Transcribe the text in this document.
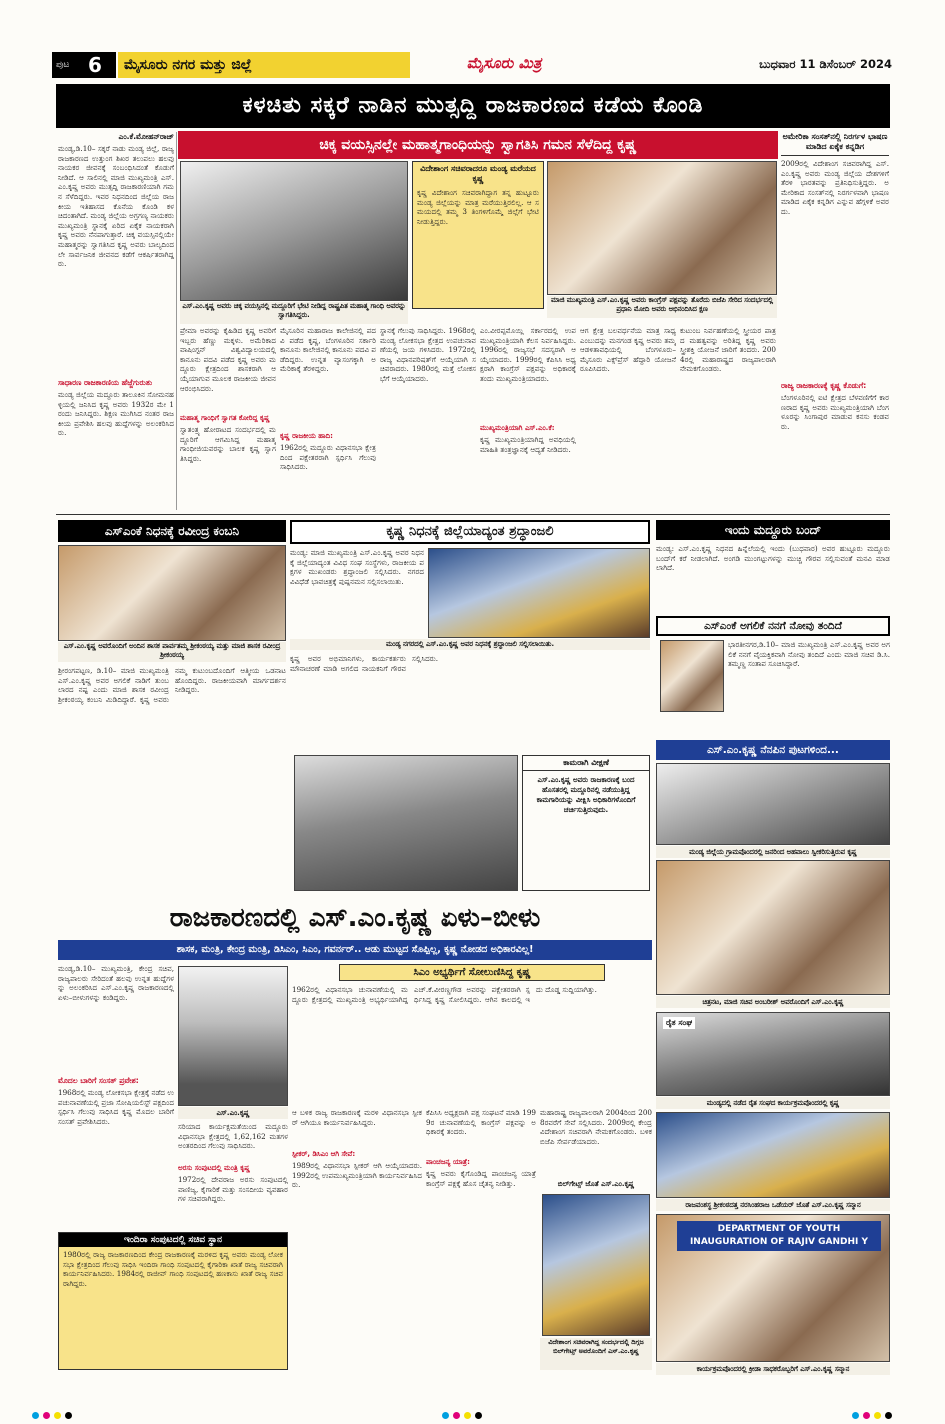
ಪುಟ 6	ಮೈಸೂರು ನಗರ ಮತ್ತು ಜಿಲ್ಲೆ	ಮೈಸೂರು ಮಿತ್ರ	ಬುಧವಾರ 11 ಡಿಸೆಂಬರ್ 2024
ಕಳಚಿತು ಸಕ್ಕರೆ ನಾಡಿನ ಮುತ್ಸದ್ದಿ ರಾಜಕಾರಣದ ಕಡೆಯ ಕೊಂಡಿ
ಎಂ.ಕೆ.ಮೋಹನ್‌ರಾಜ್
ಮಂಡ್ಯ,ಡಿ.10– ಸಕ್ಕರೆ ನಾಡು ಮಂಡ್ಯ ಜಿಲ್ಲೆ, ರಾಜ್ಯ ರಾಜಕಾರಣದ ಉತ್ತುಂಗ ಶಿಖರ ತಲುಪಲು ಹಲವು ನಾಯಕರ ಜೀವನಕ್ಕೆ ಸಂಬಂಧಿಸಿದಂತೆ ಕೊಡುಗೆ ನೀಡಿದೆ. ಆ ಸಾಲಿನಲ್ಲಿ ಮಾಜಿ ಮುಖ್ಯಮಂತ್ರಿ ಎಸ್.ಎಂ.ಕೃಷ್ಣ ಅವರು ಮುತ್ಸದ್ದಿ ರಾಜಕಾರಣಿಯಾಗಿ ಗಮನ ಸೆಳೆದಿದ್ದರು. ಇವರ ನಿಧನದಿಂದ ಜಿಲ್ಲೆಯ ರಾಜಕೀಯ ಇತಿಹಾಸದ ಕೊನೆಯ ಕೊಂಡಿ ಕಳಚಿದಂತಾಗಿದೆ. ಮಂಡ್ಯ ಜಿಲ್ಲೆಯ ಅಗ್ರಗಣ್ಯ ನಾಯಕರು ಮುಖ್ಯಮಂತ್ರಿ ಸ್ಥಾನಕ್ಕೆ ಏರಿದ ಏಕೈಕ ನಾಯಕರಾಗಿ ಕೃಷ್ಣ ಅವರು ನೆನಪಾಗುತ್ತಾರೆ. ಚಿಕ್ಕ ವಯಸ್ಸಿನಲ್ಲಿಯೇ ಮಹಾತ್ಮರನ್ನು ಸ್ವಾಗತಿಸಿದ ಕೃಷ್ಣ ಅವರು ಬಾಲ್ಯದಿಂದಲೇ ಸಾರ್ವಜನಿಕ ಜೀವನದ ಕಡೆಗೆ ಆಕರ್ಷಿತರಾಗಿದ್ದರು.
ಸಾಧಾರಣ ರಾಜಕಾರಣಿಯ ಹೆಜ್ಜೆಗುರುತು
ಮಂಡ್ಯ ಜಿಲ್ಲೆಯ ಮದ್ದೂರು ತಾಲೂಕಿನ ಸೋಮನಹಳ್ಳಿಯಲ್ಲಿ ಜನಿಸಿದ ಕೃಷ್ಣ ಅವರು 1932ರ ಮೇ 1ರಂದು ಜನಿಸಿದ್ದರು. ಶಿಕ್ಷಣ ಮುಗಿಸಿದ ನಂತರ ರಾಜಕೀಯ ಪ್ರವೇಶಿಸಿ ಹಲವು ಹುದ್ದೆಗಳನ್ನು ಅಲಂಕರಿಸಿದರು.
ಚಿಕ್ಕ ವಯಸ್ಸಿನಲ್ಲೇ ಮಹಾತ್ಮಗಾಂಧಿಯನ್ನು ಸ್ವಾಗತಿಸಿ ಗಮನ ಸೆಳೆದಿದ್ದ ಕೃಷ್ಣ
ಎಸ್.ಎಂ.ಕೃಷ್ಣ ಅವರು ಚಿಕ್ಕ ವಯಸ್ಸಿನಲ್ಲಿ ಮದ್ದೂರಿಗೆ ಭೇಟಿ ನೀಡಿದ್ದ ರಾಷ್ಟ್ರಪಿತ ಮಹಾತ್ಮ ಗಾಂಧಿ ಅವರನ್ನು ಸ್ವಾಗತಿಸಿದ್ದರು.
ವಿದೇಶಾಂಗ ಸಚಿವರಾದರೂ ಮಂಡ್ಯ ಮರೆಯದ ಕೃಷ್ಣ
ಕೃಷ್ಣ ವಿದೇಶಾಂಗ ಸಚಿವರಾಗಿದ್ದಾಗ ತನ್ನ ಹುಟ್ಟೂರು ಮಂಡ್ಯ ಜಿಲ್ಲೆಯನ್ನು ಮಾತ್ರ ಮರೆಯುತ್ತಿರಲಿಲ್ಲ. ಆ ಸಮಯದಲ್ಲಿ ತಮ್ಮ 3 ತಿಂಗಳಿಗೊಮ್ಮೆ ಜಿಲ್ಲೆಗೆ ಭೇಟಿ ನೀಡುತ್ತಿದ್ದರು.
ಮಾಜಿ ಮುಖ್ಯಮಂತ್ರಿ ಎಸ್.ಎಂ.ಕೃಷ್ಣ ಅವರು ಕಾಂಗ್ರೆಸ್ ಪಕ್ಷವನ್ನು ತೊರೆದು ಬಿಜೆಪಿ ಸೇರಿದ ಸಂದರ್ಭದಲ್ಲಿ ಪ್ರಧಾನಿ ಮೋದಿ ಅವರು ಅಭಿನಂದಿಸಿದ ಕ್ಷಣ
ಅಮೇರಿಕಾ ಸಂಸತ್‌ನಲ್ಲಿ ನಿರರ್ಗಳ ಭಾಷಣ ಮಾಡಿದ ಏಕೈಕ ಕನ್ನಡಿಗ
2009ರಲ್ಲಿ ವಿದೇಶಾಂಗ ಸಚಿವರಾಗಿದ್ದ ಎಸ್.ಎಂ.ಕೃಷ್ಣ ಅವರು ಮಂಡ್ಯ ಜಿಲ್ಲೆಯ ದೇಶಗಳಿಗೆ ತೆರಳಿ ಭಾರತವನ್ನು ಪ್ರತಿನಿಧಿಸುತ್ತಿದ್ದರು. ಅಮೇರಿಕಾದ ಸಂಸತ್‌ನಲ್ಲಿ ನಿರರ್ಗಳವಾಗಿ ಭಾಷಣ ಮಾಡಿದ ಏಕೈಕ ಕನ್ನಡಿಗ ಎನ್ನುವ ಹೆಗ್ಗಳಿಕೆ ಅವರದು.
ರಾಜ್ಯ ರಾಜಕಾರಣಕ್ಕೆ ಕೃಷ್ಣ ಕೊಡುಗೆ:
ಬೆಂಗಳೂರಿನಲ್ಲಿ ಐಟಿ ಕ್ಷೇತ್ರದ ಬೆಳವಣಿಗೆಗೆ ಕಾರಣರಾದ ಕೃಷ್ಣ ಅವರು ಮುಖ್ಯಮಂತ್ರಿಯಾಗಿ ಬೆಂಗಳೂರನ್ನು ಸಿಂಗಾಪುರ ಮಾಡುವ ಕನಸು ಕಂಡವರು.
ಪ್ರೇಮಾ ಅವರನ್ನು ಕೈಹಿಡಿದ ಕೃಷ್ಣ ಅವರಿಗೆ ಇಬ್ಬರು ಹೆಣ್ಣು ಮಕ್ಕಳು. ಅಮೆರಿಕಾದ ವಾಷಿಂಗ್ಟನ್ ವಿಶ್ವವಿದ್ಯಾಲಯದಲ್ಲಿ ಕಾನೂನು ಪದವಿ ಪಡೆದ ಕೃಷ್ಣ ಅವರು ಮದ್ದೂರು ಕ್ಷೇತ್ರದಿಂದ ಶಾಸಕರಾಗಿ ಆಯ್ಕೆಯಾಗುವ ಮೂಲಕ ರಾಜಕೀಯ ಜೀವನ ಆರಂಭಿಸಿದರು.
ಮಹಾತ್ಮ ಗಾಂಧಿಗೆ ಸ್ವಾಗತ ಕೋರಿದ್ದ ಕೃಷ್ಣ
ಸ್ವಾತಂತ್ರ್ಯ ಹೋರಾಟದ ಸಂದರ್ಭದಲ್ಲಿ ಮದ್ದೂರಿಗೆ ಆಗಮಿಸಿದ್ದ ಮಹಾತ್ಮ ಗಾಂಧೀಜಿಯವರನ್ನು ಬಾಲಕ ಕೃಷ್ಣ ಸ್ವಾಗತಿಸಿದ್ದರು.
ಮೈಸೂರಿನ ಮಹಾರಾಜ ಕಾಲೇಜಿನಲ್ಲಿ ಪದವಿ ಪಡೆದ ಕೃಷ್ಣ, ಬೆಂಗಳೂರಿನ ಸರ್ಕಾರಿ ಕಾನೂನು ಕಾಲೇಜಿನಲ್ಲಿ ಕಾನೂನು ಪದವಿ ಪಡೆದಿದ್ದರು. ಉನ್ನತ ವ್ಯಾಸಂಗಕ್ಕಾಗಿ ಅಮೆರಿಕಾಕ್ಕೆ ತೆರಳಿದ್ದರು.
ಕೃಷ್ಣ ರಾಜಕೀಯ ಹಾದಿ:
1962ರಲ್ಲಿ ಮದ್ದೂರು ವಿಧಾನಸಭಾ ಕ್ಷೇತ್ರದಿಂದ ಪಕ್ಷೇತರರಾಗಿ ಸ್ಪರ್ಧಿಸಿ ಗೆಲುವು ಸಾಧಿಸಿದರು.
ಸ್ಥಾನಕ್ಕೆ ಗೆಲುವು ಸಾಧಿಸಿದ್ದರು. 1968ರಲ್ಲಿ ಮಂಡ್ಯ ಲೋಕಸಭಾ ಕ್ಷೇತ್ರದ ಉಪಚುನಾವಣೆಯಲ್ಲಿ ಜಯ ಗಳಿಸಿದರು. 1972ರಲ್ಲಿ ರಾಜ್ಯ ವಿಧಾನಪರಿಷತ್‌ಗೆ ಆಯ್ಕೆಯಾಗಿ ಸಚಿವರಾದರು. 1980ರಲ್ಲಿ ಮತ್ತೆ ಲೋಕಸಭೆಗೆ ಆಯ್ಕೆಯಾದರು.
ಎಂ.ವೀರಪ್ಪಮೊಯ್ಲಿ ಸರ್ಕಾರದಲ್ಲಿ ಉಪಮುಖ್ಯಮಂತ್ರಿಯಾಗಿ ಕೆಲಸ ನಿರ್ವಹಿಸಿದ್ದರು. 1996ರಲ್ಲಿ ರಾಜ್ಯಸಭೆ ಸದಸ್ಯರಾಗಿ ಆಯ್ಕೆಯಾದರು. 1999ರಲ್ಲಿ ಕೆಪಿಸಿಸಿ ಅಧ್ಯಕ್ಷರಾಗಿ ಕಾಂಗ್ರೆಸ್ ಪಕ್ಷವನ್ನು ಅಧಿಕಾರಕ್ಕೆ ತಂದು ಮುಖ್ಯಮಂತ್ರಿಯಾದರು.
ಮುಖ್ಯಮಂತ್ರಿಯಾಗಿ ಎಸ್.ಎಂ.ಕೆ:
ಕೃಷ್ಣ ಮುಖ್ಯಮಂತ್ರಿಯಾಗಿದ್ದ ಅವಧಿಯಲ್ಲಿ ಮಾಹಿತಿ ತಂತ್ರಜ್ಞಾನಕ್ಕೆ ಆದ್ಯತೆ ನೀಡಿದರು.
ಆಗ ಕ್ಷೇತ್ರ ಬಲವರ್ಧನೆಯ ಮಾತ್ರ ಸಾಧ್ಯ ಎಂಬುದನ್ನು ಮನಗಂಡ ಕೃಷ್ಣ ಅವರು ತಮ್ಮ ಆಡಳಿತಾವಧಿಯಲ್ಲಿ ಬೆಂಗಳೂರು–ಮೈಸೂರು ಎಕ್ಸ್‌ಪ್ರೆಸ್ ಹೆದ್ದಾರಿ ಯೋಜನೆ ರೂಪಿಸಿದರು.
ಕುಟುಂಬ ನಿರ್ವಹಣೆಯಲ್ಲಿ ಸ್ತ್ರೀಯರ ಪಾತ್ರದ ಮಹತ್ವವನ್ನು ಅರಿತಿದ್ದ ಕೃಷ್ಣ ಅವರು ಸ್ತ್ರೀಶಕ್ತಿ ಯೋಜನೆ ಜಾರಿಗೆ ತಂದರು. 2004ರಲ್ಲಿ ಮಹಾರಾಷ್ಟ್ರದ ರಾಜ್ಯಪಾಲರಾಗಿ ನೇಮಕಗೊಂಡರು.
ಎಸ್‌ಎಂಕೆ ನಿಧನಕ್ಕೆ ರವೀಂದ್ರ ಕಂಬನಿ
ಎಸ್.ಎಂ.ಕೃಷ್ಣ ಅವರೊಂದಿಗೆ ಅಂದಿನ ಶಾಸಕ ಪಾರ್ವತಮ್ಮ ಶ್ರೀಕಂಠಯ್ಯ ಮತ್ತು ಮಾಜಿ ಶಾಸಕ ರವೀಂದ್ರ ಶ್ರೀಕಂಠಯ್ಯ
ಶ್ರೀರಂಗಪಟ್ಟಣ, ಡಿ.10– ಮಾಜಿ ಮುಖ್ಯಮಂತ್ರಿ ಎಸ್.ಎಂ.ಕೃಷ್ಣ ಅವರ ಅಗಲಿಕೆ ನಾಡಿಗೆ ತುಂಬಲಾರದ ನಷ್ಟ ಎಂದು ಮಾಜಿ ಶಾಸಕ ರವೀಂದ್ರ ಶ್ರೀಕಂಠಯ್ಯ ಕಂಬನಿ ಮಿಡಿದಿದ್ದಾರೆ. ಕೃಷ್ಣ ಅವರು ನಮ್ಮ ಕುಟುಂಬದೊಂದಿಗೆ ಆತ್ಮೀಯ ಒಡನಾಟ ಹೊಂದಿದ್ದರು. ರಾಜಕೀಯವಾಗಿ ಮಾರ್ಗದರ್ಶನ ನೀಡಿದ್ದರು.
ಕೃಷ್ಣ ನಿಧನಕ್ಕೆ ಜಿಲ್ಲೆಯಾದ್ಯಂತ ಶ್ರದ್ಧಾಂಜಲಿ
ಮಂಡ್ಯ: ಮಾಜಿ ಮುಖ್ಯಮಂತ್ರಿ ಎಸ್.ಎಂ.ಕೃಷ್ಣ ಅವರ ನಿಧನಕ್ಕೆ ಜಿಲ್ಲೆಯಾದ್ಯಂತ ವಿವಿಧ ಸಂಘ ಸಂಸ್ಥೆಗಳು, ರಾಜಕೀಯ ಪಕ್ಷಗಳ ಮುಖಂಡರು ಶ್ರದ್ಧಾಂಜಲಿ ಸಲ್ಲಿಸಿದರು. ನಗರದ ವಿವಿಧೆಡೆ ಭಾವಚಿತ್ರಕ್ಕೆ ಪುಷ್ಪನಮನ ಸಲ್ಲಿಸಲಾಯಿತು.
ಮಂಡ್ಯ ನಗರದಲ್ಲಿ ಎಸ್.ಎಂ.ಕೃಷ್ಣ ಅವರ ನಿಧನಕ್ಕೆ ಶ್ರದ್ಧಾಂಜಲಿ ಸಲ್ಲಿಸಲಾಯಿತು.
ಕೃಷ್ಣ ಅವರ ಅಭಿಮಾನಿಗಳು, ಕಾರ್ಯಕರ್ತರು ಮೌನಾಚರಣೆ ಮಾಡಿ ಅಗಲಿದ ನಾಯಕನಿಗೆ ಗೌರವ ಸಲ್ಲಿಸಿದರು.
ಕಾಮರಾಗಿ ವೀಕ್ಷಣೆ
ಎಸ್.ಎಂ.ಕೃಷ್ಣ ಅವರು ರಾಜಕಾರಣಕ್ಕೆ ಬಂದ ಹೊಸತರಲ್ಲಿ ಮದ್ದೂರಿನಲ್ಲಿ ನಡೆಯುತ್ತಿದ್ದ ಕಾಮಗಾರಿಯನ್ನು ವೀಕ್ಷಿಸಿ ಅಧಿಕಾರಿಗಳೊಂದಿಗೆ ಚರ್ಚಿಸುತ್ತಿರುವುದು.
ಇಂದು ಮದ್ದೂರು ಬಂದ್
ಮಂಡ್ಯ: ಎಸ್.ಎಂ.ಕೃಷ್ಣ ನಿಧನದ ಹಿನ್ನೆಲೆಯಲ್ಲಿ ಇಂದು (ಬುಧವಾರ) ಅವರ ಹುಟ್ಟೂರು ಮದ್ದೂರು ಬಂದ್‌ಗೆ ಕರೆ ನೀಡಲಾಗಿದೆ. ಅಂಗಡಿ ಮುಂಗಟ್ಟುಗಳನ್ನು ಮುಚ್ಚಿ ಗೌರವ ಸಲ್ಲಿಸುವಂತೆ ಮನವಿ ಮಾಡಲಾಗಿದೆ.
ಎಸ್‌ಎಂಕೆ ಅಗಲಿಕೆ ನನಗೆ ನೋವು ತಂದಿದೆ
ಭಾರತೀನಗರ,ಡಿ.10– ಮಾಜಿ ಮುಖ್ಯಮಂತ್ರಿ ಎಸ್.ಎಂ.ಕೃಷ್ಣ ಅವರ ಅಗಲಿಕೆ ನನಗೆ ವೈಯಕ್ತಿಕವಾಗಿ ನೋವು ತಂದಿದೆ ಎಂದು ಮಾಜಿ ಸಚಿವ ಡಿ.ಸಿ.ತಮ್ಮಣ್ಣ ಸಂತಾಪ ಸೂಚಿಸಿದ್ದಾರೆ.
ಎಸ್.ಎಂ.ಕೃಷ್ಣ ನೆನಪಿನ ಪುಟಗಳಿಂದ...
ಮಂಡ್ಯ ಜಿಲ್ಲೆಯ ಗ್ರಾಮವೊಂದರಲ್ಲಿ ಜನರಿಂದ ಅಹವಾಲು ಸ್ವೀಕರಿಸುತ್ತಿರುವ ಕೃಷ್ಣ
ಚಿತ್ರನಟ, ಮಾಜಿ ಸಚಿವ ಅಂಬರೀಶ್ ಅವರೊಂದಿಗೆ ಎಸ್.ಎಂ.ಕೃಷ್ಣ
ರೈತ ಸಂಘ
ಮಂಡ್ಯದಲ್ಲಿ ನಡೆದ ರೈತ ಸಂಘದ ಕಾರ್ಯಕ್ರಮವೊಂದರಲ್ಲಿ ಕೃಷ್ಣ
ರಾಜವಂಶಸ್ಥ ಶ್ರೀಕಂಠದತ್ತ ನರಸಿಂಹರಾಜ ಒಡೆಯರ್ ಜೊತೆ ಎಸ್.ಎಂ.ಕೃಷ್ಣ ಸನ್ಮಾನ
DEPARTMENT OF YOUTH INAUGURATION OF RAJIV GANDHI Y
ಕಾರ್ಯಕ್ರಮವೊಂದರಲ್ಲಿ ಕ್ರೀಡಾ ಸಾಧಕರೊಬ್ಬರಿಗೆ ಎಸ್.ಎಂ.ಕೃಷ್ಣ ಸನ್ಮಾನ
ರಾಜಕಾರಣದಲ್ಲಿ ಎಸ್.ಎಂ.ಕೃಷ್ಣ ಏಳು–ಬೀಳು
ಶಾಸಕ, ಮಂತ್ರಿ, ಕೇಂದ್ರ ಮಂತ್ರಿ, ಡಿಸಿಎಂ, ಸಿಎಂ, ಗವರ್ನರ್.. ಆಡು ಮುಟ್ಟದ ಸೊಪ್ಪಿಲ್ಲ, ಕೃಷ್ಣ ನೋಡದ ಅಧಿಕಾರವಿಲ್ಲ!
ಮಂಡ್ಯ,ಡಿ.10– ಮುಖ್ಯಮಂತ್ರಿ, ಕೇಂದ್ರ ಸಚಿವ, ರಾಜ್ಯಪಾಲರು ಸೇರಿದಂತೆ ಹಲವು ಉನ್ನತ ಹುದ್ದೆಗಳನ್ನು ಅಲಂಕರಿಸಿದ ಎಸ್.ಎಂ.ಕೃಷ್ಣ ರಾಜಕಾರಣದಲ್ಲಿ ಏಳು–ಬೀಳುಗಳನ್ನು ಕಂಡಿದ್ದರು.
ಮೊದಲ ಬಾರಿಗೆ ಸಂಸತ್ ಪ್ರವೇಶ:
1968ರಲ್ಲಿ ಮಂಡ್ಯ ಲೋಕಸಭಾ ಕ್ಷೇತ್ರಕ್ಕೆ ನಡೆದ ಉಪಚುನಾವಣೆಯಲ್ಲಿ ಪ್ರಜಾ ಸೋಷಿಯಲಿಸ್ಟ್ ಪಕ್ಷದಿಂದ ಸ್ಪರ್ಧಿಸಿ ಗೆಲುವು ಸಾಧಿಸಿದ ಕೃಷ್ಣ ಮೊದಲ ಬಾರಿಗೆ ಸಂಸತ್ ಪ್ರವೇಶಿಸಿದರು.
ಎಸ್.ಎಂ.ಕೃಷ್ಣ
ಸಿಎಂ ಅಭ್ಯರ್ಥಿಗೆ ಸೋಲುಣಿಸಿದ್ದ ಕೃಷ್ಣ
1962ರಲ್ಲಿ ವಿಧಾನಸಭಾ ಚುನಾವಣೆಯಲ್ಲಿ ಮದ್ದೂರು ಕ್ಷೇತ್ರದಲ್ಲಿ ಮುಖ್ಯಮಂತ್ರಿ ಅಭ್ಯರ್ಥಿಯಾಗಿದ್ದ ಎಚ್.ಕೆ.ವೀರಣ್ಣಗೌಡ ಅವರನ್ನು ಪಕ್ಷೇತರರಾಗಿ ಸ್ಪರ್ಧಿಸಿದ್ದ ಕೃಷ್ಣ ಸೋಲಿಸಿದ್ದರು. ಆಗಿನ ಕಾಲದಲ್ಲಿ ಇದು ದೊಡ್ಡ ಸುದ್ದಿಯಾಗಿತ್ತು.
ಸರಿಯಾದ ಕಾರ್ಯಕ್ಷಮತೆಯಿಂದ ಮದ್ದೂರು ವಿಧಾನಸಭಾ ಕ್ಷೇತ್ರದಲ್ಲಿ 1,62,162 ಮತಗಳ ಅಂತರದಿಂದ ಗೆಲುವು ಸಾಧಿಸಿದರು.
ಅರಸು ಸಂಪುಟದಲ್ಲಿ ಮಂತ್ರಿ ಕೃಷ್ಣ
1972ರಲ್ಲಿ ದೇವರಾಜ ಅರಸು ಸಂಪುಟದಲ್ಲಿ ವಾಣಿಜ್ಯ, ಕೈಗಾರಿಕೆ ಮತ್ತು ಸಂಸದೀಯ ವ್ಯವಹಾರಗಳ ಸಚಿವರಾಗಿದ್ದರು.
ಆ ಬಳಿಕ ರಾಜ್ಯ ರಾಜಕಾರಣಕ್ಕೆ ಮರಳಿ ವಿಧಾನಸಭಾ ಸ್ಪೀಕರ್ ಆಗಿಯೂ ಕಾರ್ಯನಿರ್ವಹಿಸಿದ್ದರು.
ಸ್ಪೀಕರ್, ಡಿಸಿಎಂ ಆಗಿ ಸೇವೆ:
1989ರಲ್ಲಿ ವಿಧಾನಸಭಾ ಸ್ಪೀಕರ್ ಆಗಿ ಆಯ್ಕೆಯಾದರು. 1992ರಲ್ಲಿ ಉಪಮುಖ್ಯಮಂತ್ರಿಯಾಗಿ ಕಾರ್ಯನಿರ್ವಹಿಸಿದರು.
ಕೆಪಿಸಿಸಿ ಅಧ್ಯಕ್ಷರಾಗಿ ಪಕ್ಷ ಸಂಘಟನೆ ಮಾಡಿ 1999ರ ಚುನಾವಣೆಯಲ್ಲಿ ಕಾಂಗ್ರೆಸ್ ಪಕ್ಷವನ್ನು ಅಧಿಕಾರಕ್ಕೆ ತಂದರು.
ಪಾಂಚಜನ್ಯ ಯಾತ್ರೆ:
ಕೃಷ್ಣ ಅವರು ಕೈಗೊಂಡಿದ್ದ ಪಾಂಚಜನ್ಯ ಯಾತ್ರೆ ಕಾಂಗ್ರೆಸ್ ಪಕ್ಷಕ್ಕೆ ಹೊಸ ಚೈತನ್ಯ ನೀಡಿತ್ತು.
ಮಹಾರಾಷ್ಟ್ರ ರಾಜ್ಯಪಾಲರಾಗಿ 2004ರಿಂದ 2008ರವರೆಗೆ ಸೇವೆ ಸಲ್ಲಿಸಿದರು. 2009ರಲ್ಲಿ ಕೇಂದ್ರ ವಿದೇಶಾಂಗ ಸಚಿವರಾಗಿ ನೇಮಕಗೊಂಡರು. ಬಳಿಕ ಬಿಜೆಪಿ ಸೇರ್ಪಡೆಯಾದರು.
ಬಿಲ್‌ಗೇಟ್ಸ್ ಜೊತೆ ಎಸ್.ಎಂ.ಕೃಷ್ಣ
ವಿದೇಶಾಂಗ ಸಚಿವರಾಗಿದ್ದ ಸಂದರ್ಭದಲ್ಲಿ ದಿಗ್ಗಜ ಬಿಲ್‌ಗೇಟ್ಸ್ ಅವರೊಂದಿಗೆ ಎಸ್.ಎಂ.ಕೃಷ್ಣ
ಇಂದಿರಾ ಸಂಪುಟದಲ್ಲಿ ಸಚಿವ ಸ್ಥಾನ
1980ರಲ್ಲಿ ರಾಜ್ಯ ರಾಜಕಾರಣದಿಂದ ಕೇಂದ್ರ ರಾಜಕಾರಣಕ್ಕೆ ಮರಳಿದ ಕೃಷ್ಣ ಅವರು ಮಂಡ್ಯ ಲೋಕಸಭಾ ಕ್ಷೇತ್ರದಿಂದ ಗೆಲುವು ಸಾಧಿಸಿ ಇಂದಿರಾ ಗಾಂಧಿ ಸಂಪುಟದಲ್ಲಿ ಕೈಗಾರಿಕಾ ಖಾತೆ ರಾಜ್ಯ ಸಚಿವರಾಗಿ ಕಾರ್ಯನಿರ್ವಹಿಸಿದರು. 1984ರಲ್ಲಿ ರಾಜೀವ್ ಗಾಂಧಿ ಸಂಪುಟದಲ್ಲಿ ಹಣಕಾಸು ಖಾತೆ ರಾಜ್ಯ ಸಚಿವರಾಗಿದ್ದರು.
